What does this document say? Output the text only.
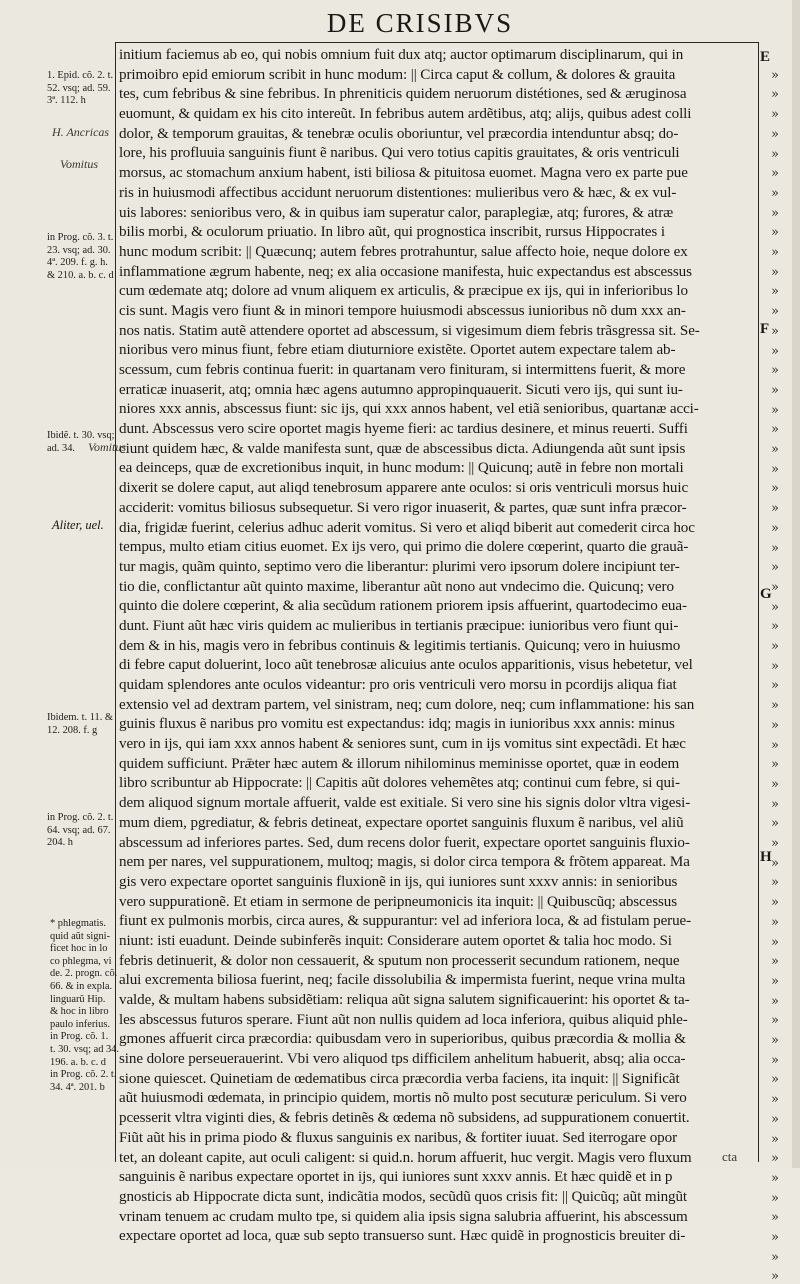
DE CRISIBVS
initium faciemus ab eo, qui nobis omnium fuit dux atq; auctor optimarum disciplinarum, qui in
primoibro epid emiorum scribit in hunc modum: || Circa caput & collum, & dolores & grauita
tes, cum febribus & sine febribus. In phreniticis quidem neruorum distétiones, sed & æruginosa
euomunt, & quidam ex his cito intereũt. In febribus autem ardẽtibus, atq; alijs, quibus adest colli
dolor, & temporum grauitas, & tenebræ oculis oboriuntur, vel præcordia intenduntur absq; do-
lore, his profluuia sanguinis fiunt ẽ naribus. Qui vero totius capitis grauitates, & oris ventriculi
morsus, ac stomachum anxium habent, isti biliosa & pituitosa euomet. Magna vero ex parte pue
ris in huiusmodi affectibus accidunt neruorum distentiones: mulieribus vero & hæc, & ex vul-
uis labores: senioribus vero, & in quibus iam superatur calor, paraplegiæ, atq; furores, & atræ
bilis morbi, & oculorum priuatio. In libro aũt, qui prognostica inscribit, rursus Hippocrates i
hunc modum scribit: || Quæcunq; autem febres protrahuntur, salue affecto hoie, neque dolore ex
inflammatione ægrum habente, neq; ex alia occasione manifesta, huic expectandus est abscessus
cum œdemate atq; dolore ad vnum aliquem ex articulis, & præcipue ex ijs, qui in inferioribus lo
cis sunt. Magis vero fiunt & in minori tempore huiusmodi abscessus iunioribus nõ dum xxx an-
nos natis. Statim autẽ attendere oportet ad abscessum, si vigesimum diem febris trãsgressa sit. Se-
nioribus vero minus fiunt, febre etiam diuturniore existẽte. Oportet autem expectare talem ab-
scessum, cum febris continua fuerit: in quartanam vero finituram, si intermittens fuerit, & more
erraticæ inuaserit, atq; omnia hæc agens autumno appropinquauerit. Sicuti vero ijs, qui sunt iu-
niores xxx annis, abscessus fiunt: sic ijs, qui xxx annos habent, vel etiã senioribus, quartanæ acci-
dunt. Abscessus vero scire oportet magis hyeme fieri: ac tardius desinere, et minus reuerti. Suffi
ciunt quidem hæc, & valde manifesta sunt, quæ de abscessibus dicta. Adiungenda aũt sunt ipsis
ea deinceps, quæ de excretionibus inquit, in hunc modum: || Quicunq; autẽ in febre non mortali
dixerit se dolere caput, aut aliqd tenebrosum apparere ante oculos: si oris ventriculi morsus huic
acciderit: vomitus biliosus subsequetur. Si vero rigor inuaserit, & partes, quæ sunt infra præcor-
dia, frigidæ fuerint, celerius adhuc aderit vomitus. Si vero et aliqd biberit aut comederit circa hoc
tempus, multo etiam citius euomet. Ex ijs vero, qui primo die dolere cœperint, quarto die grauã-
tur magis, quãm quinto, septimo vero die liberantur: plurimi vero ipsorum dolere incipiunt ter-
tio die, conflictantur aũt quinto maxime, liberantur aũt nono aut vndecimo die. Quicunq; vero
quinto die dolere cœperint, & alia secũdum rationem priorem ipsis affuerint, quartodecimo eua-
dunt. Fiunt aũt hæc viris quidem ac mulieribus in tertianis præcipue: iunioribus vero fiunt qui-
dem & in his, magis vero in febribus continuis & legitimis tertianis. Quicunq; vero in huiusmo
di febre caput doluerint, loco aũt tenebrosæ alicuius ante oculos apparitionis, visus hebetetur, vel
quidam splendores ante oculos videantur: pro oris ventriculi vero morsu in pcordijs aliqua fiat
extensio vel ad dextram partem, vel sinistram, neq; cum dolore, neq; cum inflammatione: his san
guinis fluxus ẽ naribus pro vomitu est expectandus: idq; magis in iunioribus xxx annis: minus
vero in ijs, qui iam xxx annos habent & seniores sunt, cum in ijs vomitus sint expectãdi. Et hæc
quidem sufficiunt. Prǣter hæc autem & illorum nihilominus meminisse oportet, quæ in eodem
libro scribuntur ab Hippocrate: || Capitis aũt dolores vehemẽtes atq; continui cum febre, si qui-
dem aliquod signum mortale affuerit, valde est exitiale. Si vero sine his signis dolor vltra vigesi-
mum diem, pgrediatur, & febris detineat, expectare oportet sanguinis fluxum ẽ naribus, vel aliũ
abscessum ad inferiores partes. Sed, dum recens dolor fuerit, expectare oportet sanguinis fluxio-
nem per nares, vel suppurationem, multoq; magis, si dolor circa tempora & frõtem appareat. Ma
gis vero expectare oportet sanguinis fluxionẽ in ijs, qui iuniores sunt xxxv annis: in senioribus
vero suppurationẽ. Et etiam in sermone de peripneumonicis ita inquit: || Quibuscũq; abscessus
fiunt ex pulmonis morbis, circa aures, & suppurantur: vel ad inferiora loca, & ad fistulam perue-
niunt: isti euadunt. Deinde subinferẽs inquit: Considerare autem oportet & talia hoc modo. Si
febris detinuerit, & dolor non cessauerit, & sputum non processerit secundum rationem, neque
alui excrementa biliosa fuerint, neq; facile dissolubilia & impermista fuerint, neque vrina multa
valde, & multam habens subsidẽtiam: reliqua aũt signa salutem significauerint: his oportet & ta-
les abscessus futuros sperare. Fiunt aũt non nullis quidem ad loca inferiora, quibus aliquid phle-
gmones affuerit circa præcordia: quibusdam vero in superioribus, quibus præcordia & mollia &
sine dolore perseuerauerint. Vbi vero aliquod tps difficilem anhelitum habuerit, absq; alia occa-
sione quiescet. Quinetiam de œdematibus circa præcordia verba faciens, ita inquit: || Significãt
aũt huiusmodi œdemata, in principio quidem, mortis nõ multo post secuturæ periculum. Si vero
pcesserit vltra viginti dies, & febris detinẽs & œdema nõ subsidens, ad suppurationem conuertit.
Fiũt aũt his in prima piodo & fluxus sanguinis ex naribus, & fortiter iuuat. Sed iterrogare opor
tet, an doleant capite, aut oculi caligent: si quid.n. horum affuerit, huc vergit. Magis vero fluxum
sanguinis ẽ naribus expectare oportet in ijs, qui iuniores sunt xxxv annis. Et hæc quidẽ et in p
gnosticis ab Hippocrate dicta sunt, indicãtia modos, secũdũ quos crisis fit: || Quicũq; aũt mingũt
vrinam tenuem ac crudam multo tpe, si quidem alia ipsis signa salubria affuerint, his abscessum
expectare oportet ad loca, quæ sub septo transuerso sunt. Hæc quidẽ in prognosticis breuiter di-
E
F
G
H
»
»
»
»
»
»
»
»
»
»
»
»
»
»
»
»
»
»
»
»
»
»
»
»
»
»
»
»
»
»
»
»
»
»
»
»
»
»
»
»
»
»
»
»
»
»
»
»
»
»
»
»
»
»
»
»
»
»
»
»
»
»
1. Epid. cõ. 2. t.
52. vsq; ad. 59.
3ª. 112. h
H. Ancricas
Vomitus
in Prog. cõ. 3. t.
23. vsq; ad. 30.
4ª. 209. f. g. h.
& 210. a. b. c. d
Ibidẽ. t. 30. vsq;
ad. 34.	Vomitus
Aliter, uel.
Ibidem. t. 11. &
12. 208. f. g
in Prog. cõ. 2. t.
64. vsq; ad. 67.
204. h
* phlegmatis.
quid aũt signi-
ficet hoc in lo
co phlegma, vi
de. 2. progn. cõ.
66. & in expla.
linguarũ Hip.
& hoc in libro
paulo inferius.
in Prog. cõ. 1.
t. 30. vsq; ad 34.
196. a. b. c. d
in Prog. cõ. 2. t.
34. 4ª. 201. b
cta
